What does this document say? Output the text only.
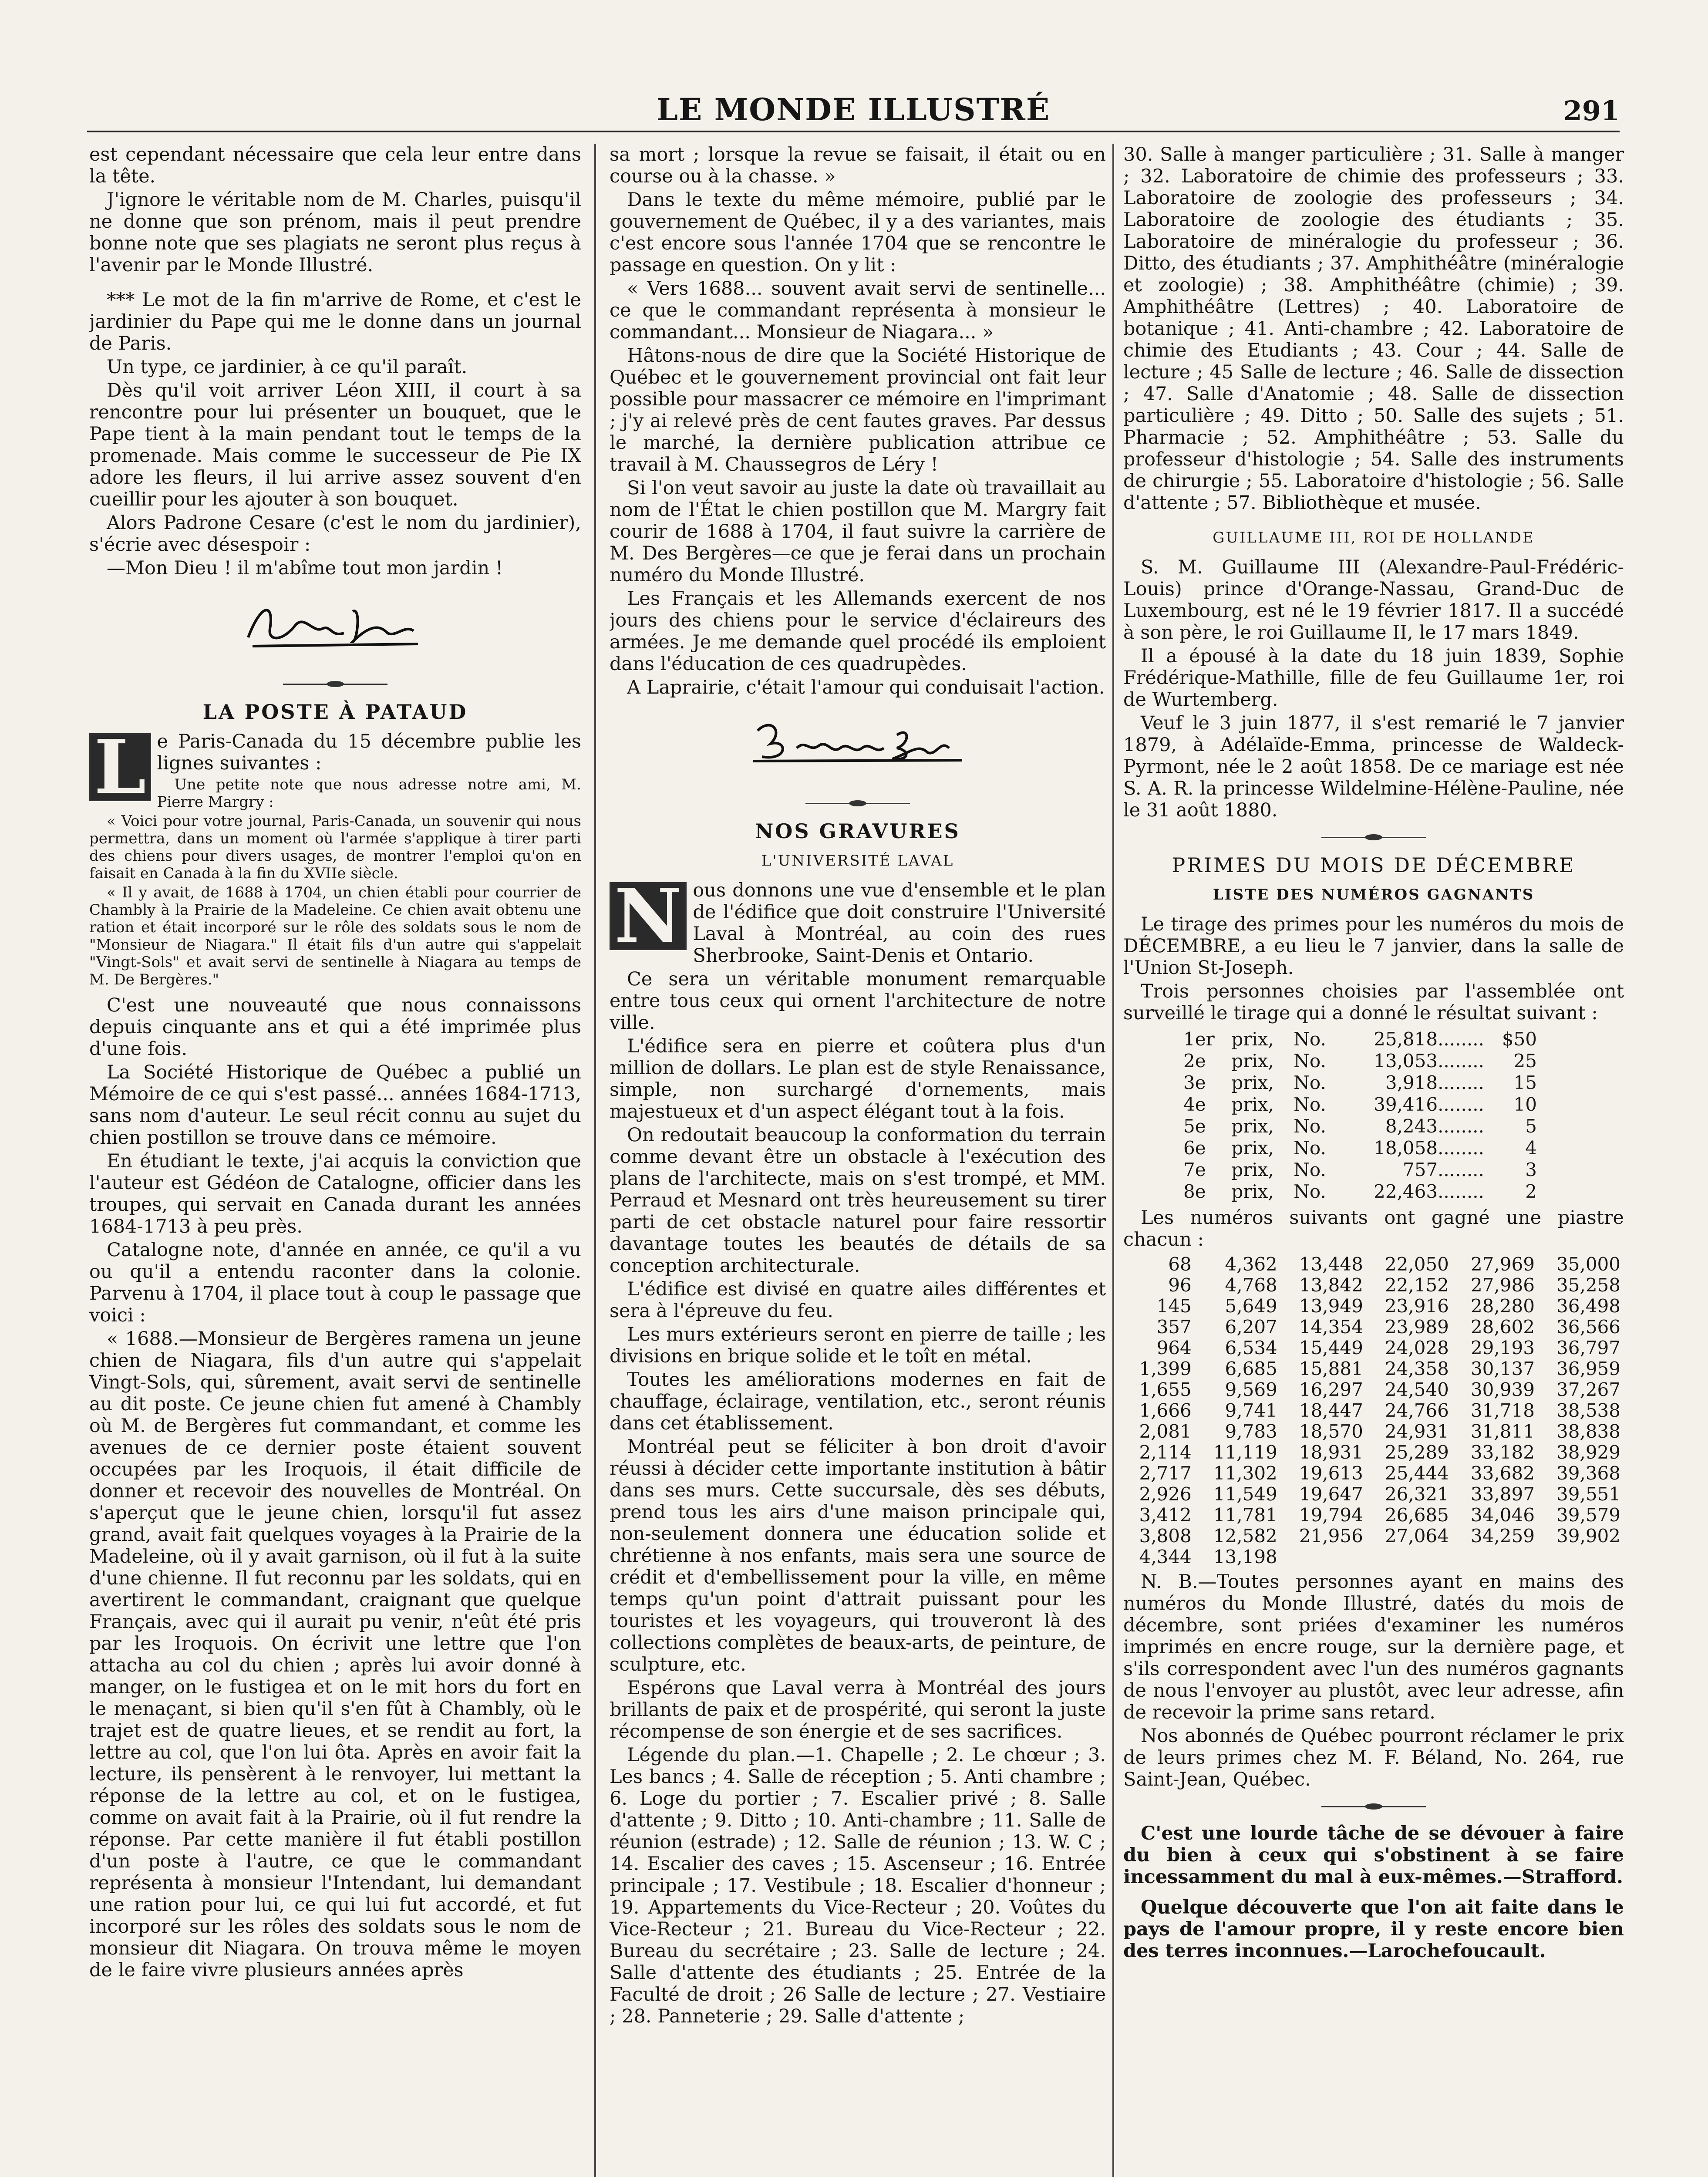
LE MONDE ILLUSTRÉ	291

est cependant nécessaire que cela leur entre dans la tête.

J'ignore le véritable nom de M. Charles, puisqu'il ne donne que son prénom, mais il peut prendre bonne note que ses plagiats ne seront plus reçus à l'avenir par le Monde Illustré.

*** Le mot de la fin m'arrive de Rome, et c'est le jardinier du Pape qui me le donne dans un journal de Paris.

Un type, ce jardinier, à ce qu'il paraît.

Dès qu'il voit arriver Léon XIII, il court à sa rencontre pour lui présenter un bouquet, que le Pape tient à la main pendant tout le temps de la promenade. Mais comme le successeur de Pie IX adore les fleurs, il lui arrive assez souvent d'en cueillir pour les ajouter à son bouquet.

Alors Padrone Cesare (c'est le nom du jardinier), s'écrie avec désespoir :

—Mon Dieu ! il m'abîme tout mon jardin !

LA POSTE À PATAUD

L e Paris-Canada du 15 décembre publie les lignes suivantes :

Une petite note que nous adresse notre ami, M. Pierre Margry :

« Voici pour votre journal, Paris-Canada, un souvenir qui nous permettra, dans un moment où l'armée s'applique à tirer parti des chiens pour divers usages, de montrer l'emploi qu'on en faisait en Canada à la fin du XVIIe siècle.

« Il y avait, de 1688 à 1704, un chien établi pour courrier de Chambly à la Prairie de la Madeleine. Ce chien avait obtenu une ration et était incorporé sur le rôle des soldats sous le nom de "Monsieur de Niagara." Il était fils d'un autre qui s'appelait "Vingt-Sols" et avait servi de sentinelle à Niagara au temps de M. De Bergères."

C'est une nouveauté que nous connaissons depuis cinquante ans et qui a été imprimée plus d'une fois.

La Société Historique de Québec a publié un Mémoire de ce qui s'est passé... années 1684-1713, sans nom d'auteur. Le seul récit connu au sujet du chien postillon se trouve dans ce mémoire.

En étudiant le texte, j'ai acquis la conviction que l'auteur est Gédéon de Catalogne, officier dans les troupes, qui servait en Canada durant les années 1684-1713 à peu près.

Catalogne note, d'année en année, ce qu'il a vu ou qu'il a entendu raconter dans la colonie. Parvenu à 1704, il place tout à coup le passage que voici :

« 1688.—Monsieur de Bergères ramena un jeune chien de Niagara, fils d'un autre qui s'appelait Vingt-Sols, qui, sûrement, avait servi de sentinelle au dit poste. Ce jeune chien fut amené à Chambly où M. de Bergères fut commandant, et comme les avenues de ce dernier poste étaient souvent occupées par les Iroquois, il était difficile de donner et recevoir des nouvelles de Montréal. On s'aperçut que le jeune chien, lorsqu'il fut assez grand, avait fait quelques voyages à la Prairie de la Madeleine, où il y avait garnison, où il fut à la suite d'une chienne. Il fut reconnu par les soldats, qui en avertirent le commandant, craignant que quelque Français, avec qui il aurait pu venir, n'eût été pris par les Iroquois. On écrivit une lettre que l'on attacha au col du chien ; après lui avoir donné à manger, on le fustigea et on le mit hors du fort en le menaçant, si bien qu'il s'en fût à Chambly, où le trajet est de quatre lieues, et se rendit au fort, la lettre au col, que l'on lui ôta. Après en avoir fait la lecture, ils pensèrent à le renvoyer, lui mettant la réponse de la lettre au col, et on le fustigea, comme on avait fait à la Prairie, où il fut rendre la réponse. Par cette manière il fut établi postillon d'un poste à l'autre, ce que le commandant représenta à monsieur l'Intendant, lui demandant une ration pour lui, ce qui lui fut accordé, et fut incorporé sur les rôles des soldats sous le nom de monsieur dit Niagara. On trouva même le moyen de le faire vivre plusieurs années après

sa mort ; lorsque la revue se faisait, il était ou en course ou à la chasse. »

Dans le texte du même mémoire, publié par le gouvernement de Québec, il y a des variantes, mais c'est encore sous l'année 1704 que se rencontre le passage en question. On y lit :

« Vers 1688... souvent avait servi de sentinelle... ce que le commandant représenta à monsieur le commandant... Monsieur de Niagara... »

Hâtons-nous de dire que la Société Historique de Québec et le gouvernement provincial ont fait leur possible pour massacrer ce mémoire en l'imprimant ; j'y ai relevé près de cent fautes graves. Par dessus le marché, la dernière publication attribue ce travail à M. Chaussegros de Léry !

Si l'on veut savoir au juste la date où travaillait au nom de l'État le chien postillon que M. Margry fait courir de 1688 à 1704, il faut suivre la carrière de M. Des Bergères—ce que je ferai dans un prochain numéro du Monde Illustré.

Les Français et les Allemands exercent de nos jours des chiens pour le service d'éclaireurs des armées. Je me demande quel procédé ils emploient dans l'éducation de ces quadrupèdes.

A Laprairie, c'était l'amour qui conduisait l'action.

NOS GRAVURES
L'UNIVERSITÉ LAVAL

N ous donnons une vue d'ensemble et le plan de l'édifice que doit construire l'Université Laval à Montréal, au coin des rues Sherbrooke, Saint-Denis et Ontario.

Ce sera un véritable monument remarquable entre tous ceux qui ornent l'architecture de notre ville.

L'édifice sera en pierre et coûtera plus d'un million de dollars. Le plan est de style Renaissance, simple, non surchargé d'ornements, mais majestueux et d'un aspect élégant tout à la fois.

On redoutait beaucoup la conformation du terrain comme devant être un obstacle à l'exécution des plans de l'architecte, mais on s'est trompé, et MM. Perraud et Mesnard ont très heureusement su tirer parti de cet obstacle naturel pour faire ressortir davantage toutes les beautés de détails de sa conception architecturale.

L'édifice est divisé en quatre ailes différentes et sera à l'épreuve du feu.

Les murs extérieurs seront en pierre de taille ; les divisions en brique solide et le toît en métal.

Toutes les améliorations modernes en fait de chauffage, éclairage, ventilation, etc., seront réunis dans cet établissement.

Montréal peut se féliciter à bon droit d'avoir réussi à décider cette importante institution à bâtir dans ses murs. Cette succursale, dès ses débuts, prend tous les airs d'une maison principale qui, non-seulement donnera une éducation solide et chrétienne à nos enfants, mais sera une source de crédit et d'embellissement pour la ville, en même temps qu'un point d'attrait puissant pour les touristes et les voyageurs, qui trouveront là des collections complètes de beaux-arts, de peinture, de sculpture, etc.

Espérons que Laval verra à Montréal des jours brillants de paix et de prospérité, qui seront la juste récompense de son énergie et de ses sacrifices.

Légende du plan.—1. Chapelle ; 2. Le chœur ; 3. Les bancs ; 4. Salle de réception ; 5. Anti chambre ; 6. Loge du portier ; 7. Escalier privé ; 8. Salle d'attente ; 9. Ditto ; 10. Anti-chambre ; 11. Salle de réunion (estrade) ; 12. Salle de réunion ; 13. W. C ; 14. Escalier des caves ; 15. Ascenseur ; 16. Entrée principale ; 17. Vestibule ; 18. Escalier d'honneur ; 19. Appartements du Vice-Recteur ; 20. Voûtes du Vice-Recteur ; 21. Bureau du Vice-Recteur ; 22. Bureau du secrétaire ; 23. Salle de lecture ; 24. Salle d'attente des étudiants ; 25. Entrée de la Faculté de droit ; 26 Salle de lecture ; 27. Vestiaire ; 28. Panneterie ; 29. Salle d'attente ;

30. Salle à manger particulière ; 31. Salle à manger ; 32. Laboratoire de chimie des professeurs ; 33. Laboratoire de zoologie des professeurs ; 34. Laboratoire de zoologie des étudiants ; 35. Laboratoire de minéralogie du professeur ; 36. Ditto, des étudiants ; 37. Amphithéâtre (minéralogie et zoologie) ; 38. Amphithéâtre (chimie) ; 39. Amphithéâtre (Lettres) ; 40. Laboratoire de botanique ; 41. Anti-chambre ; 42. Laboratoire de chimie des Etudiants ; 43. Cour ; 44. Salle de lecture ; 45 Salle de lecture ; 46. Salle de dissection ; 47. Salle d'Anatomie ; 48. Salle de dissection particulière ; 49. Ditto ; 50. Salle des sujets ; 51. Pharmacie ; 52. Amphithéâtre ; 53. Salle du professeur d'histologie ; 54. Salle des instruments de chirurgie ; 55. Laboratoire d'histologie ; 56. Salle d'attente ; 57. Bibliothèque et musée.

GUILLAUME III, ROI DE HOLLANDE

S. M. Guillaume III (Alexandre-Paul-Frédéric-Louis) prince d'Orange-Nassau, Grand-Duc de Luxembourg, est né le 19 février 1817. Il a succédé à son père, le roi Guillaume II, le 17 mars 1849.

Il a épousé à la date du 18 juin 1839, Sophie Frédérique-Mathille, fille de feu Guillaume 1er, roi de Wurtemberg.

Veuf le 3 juin 1877, il s'est remarié le 7 janvier 1879, à Adélaïde-Emma, princesse de Waldeck-Pyrmont, née le 2 août 1858. De ce mariage est née S. A. R. la princesse Wildelmine-Hélène-Pauline, née le 31 août 1880.

PRIMES DU MOIS DE DÉCEMBRE
LISTE DES NUMÉROS GAGNANTS

Le tirage des primes pour les numéros du mois de DÉCEMBRE, a eu lieu le 7 janvier, dans la salle de l'Union St-Joseph.

Trois personnes choisies par l'assemblée ont surveillé le tirage qui a donné le résultat suivant :

1er	prix,	No.	25,818........	$50
2e	prix,	No.	13,053........	25
3e	prix,	No.	3,918........	15
4e	prix,	No.	39,416........	10
5e	prix,	No.	8,243........	5
6e	prix,	No.	18,058........	4
7e	prix,	No.	757........	3
8e	prix,	No.	22,463........	2

Les numéros suivants ont gagné une piastre chacun :

68	4,362	13,448	22,050	27,969	35,000
96	4,768	13,842	22,152	27,986	35,258
145	5,649	13,949	23,916	28,280	36,498
357	6,207	14,354	23,989	28,602	36,566
964	6,534	15,449	24,028	29,193	36,797
1,399	6,685	15,881	24,358	30,137	36,959
1,655	9,569	16,297	24,540	30,939	37,267
1,666	9,741	18,447	24,766	31,718	38,538
2,081	9,783	18,570	24,931	31,811	38,838
2,114	11,119	18,931	25,289	33,182	38,929
2,717	11,302	19,613	25,444	33,682	39,368
2,926	11,549	19,647	26,321	33,897	39,551
3,412	11,781	19,794	26,685	34,046	39,579
3,808	12,582	21,956	27,064	34,259	39,902
4,344	13,198				

N. B.—Toutes personnes ayant en mains des numéros du Monde Illustré, datés du mois de décembre, sont priées d'examiner les numéros imprimés en encre rouge, sur la dernière page, et s'ils correspondent avec l'un des numéros gagnants de nous l'envoyer au plustôt, avec leur adresse, afin de recevoir la prime sans retard.

Nos abonnés de Québec pourront réclamer le prix de leurs primes chez M. F. Béland, No. 264, rue Saint-Jean, Québec.

C'est une lourde tâche de se dévouer à faire du bien à ceux qui s'obstinent à se faire incessamment du mal à eux-mêmes.—Strafford.

Quelque découverte que l'on ait faite dans le pays de l'amour propre, il y reste encore bien des terres inconnues.—Larochefoucault.
